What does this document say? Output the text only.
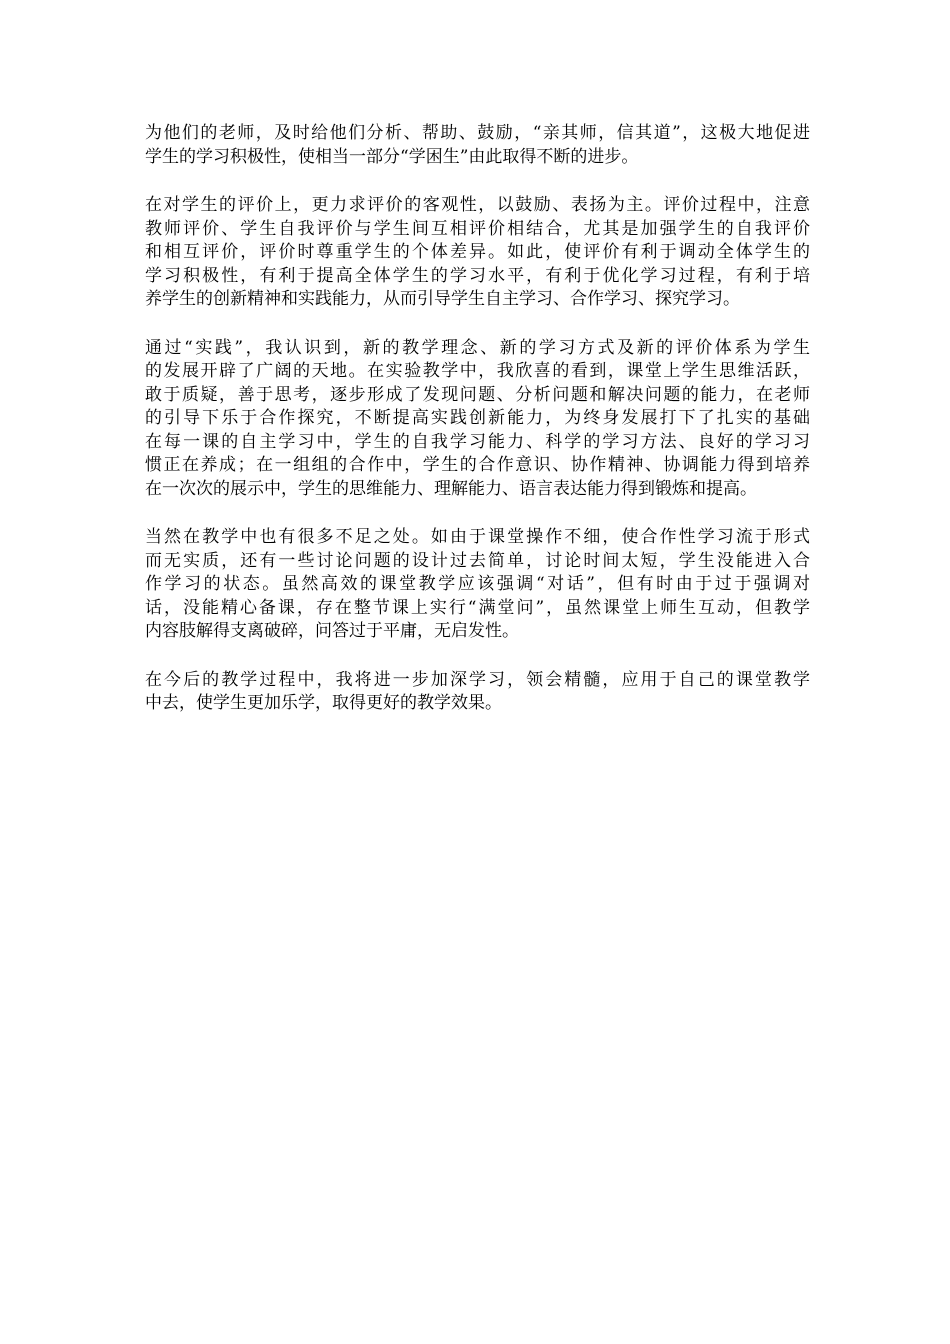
为他们的老师，及时给他们分析、帮助、鼓励，“亲其师，信其道”，这极大地促进
学生的学习积极性，使相当一部分“学困生”由此取得不断的进步。

在对学生的评价上，更力求评价的客观性，以鼓励、表扬为主。评价过程中，注意
教师评价、学生自我评价与学生间互相评价相结合，尤其是加强学生的自我评价
和相互评价，评价时尊重学生的个体差异。如此，使评价有利于调动全体学生的
学习积极性，有利于提高全体学生的学习水平，有利于优化学习过程，有利于培
养学生的创新精神和实践能力，从而引导学生自主学习、合作学习、探究学习。

通过“实践”，我认识到，新的教学理念、新的学习方式及新的评价体系为学生
的发展开辟了广阔的天地。在实验教学中，我欣喜的看到，课堂上学生思维活跃，
敢于质疑，善于思考，逐步形成了发现问题、分析问题和解决问题的能力，在老师
的引导下乐于合作探究，不断提高实践创新能力，为终身发展打下了扎实的基础
在每一课的自主学习中，学生的自我学习能力、科学的学习方法、良好的学习习
惯正在养成；在一组组的合作中，学生的合作意识、协作精神、协调能力得到培养
在一次次的展示中，学生的思维能力、理解能力、语言表达能力得到锻炼和提高。

当然在教学中也有很多不足之处。如由于课堂操作不细，使合作性学习流于形式
而无实质，还有一些讨论问题的设计过去简单，讨论时间太短，学生没能进入合
作学习的状态。虽然高效的课堂教学应该强调“对话”，但有时由于过于强调对
话，没能精心备课，存在整节课上实行“满堂问”，虽然课堂上师生互动，但教学
内容肢解得支离破碎，问答过于平庸，无启发性。

在今后的教学过程中，我将进一步加深学习，领会精髓，应用于自己的课堂教学
中去，使学生更加乐学，取得更好的教学效果。
